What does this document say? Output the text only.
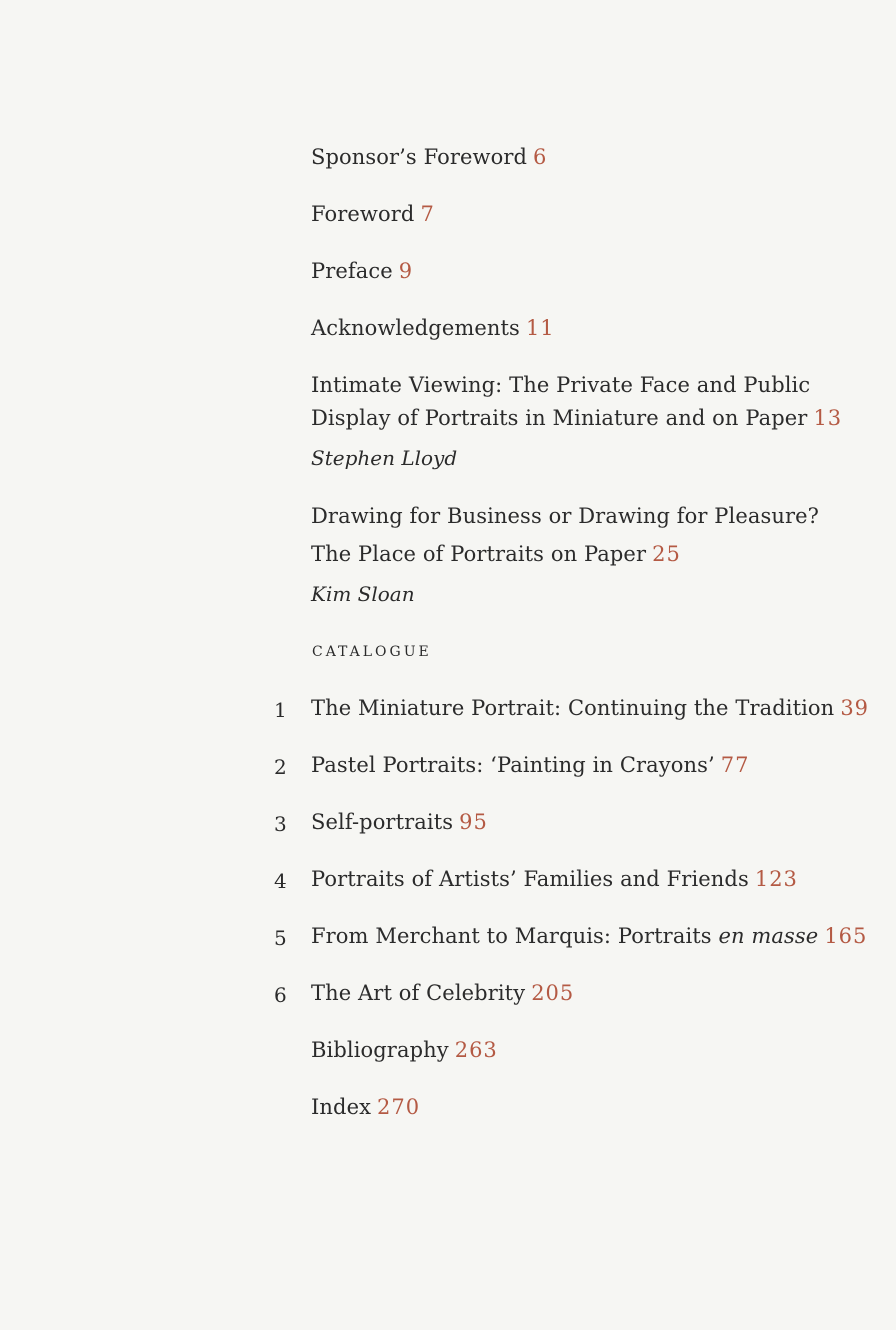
Sponsor’s Foreword 6
Foreword 7
Preface 9
Acknowledgements 11
Intimate Viewing: The Private Face and Public
Display of Portraits in Miniature and on Paper 13
Stephen Lloyd
Drawing for Business or Drawing for Pleasure?
The Place of Portraits on Paper 25
Kim Sloan
CATALOGUE
1	The Miniature Portrait: Continuing the Tradition 39
2	Pastel Portraits: ‘Painting in Crayons’ 77
3	Self-portraits 95
4	Portraits of Artists’ Families and Friends 123
5	From Merchant to Marquis: Portraits en masse 165
6	The Art of Celebrity 205
Bibliography 263
Index 270
